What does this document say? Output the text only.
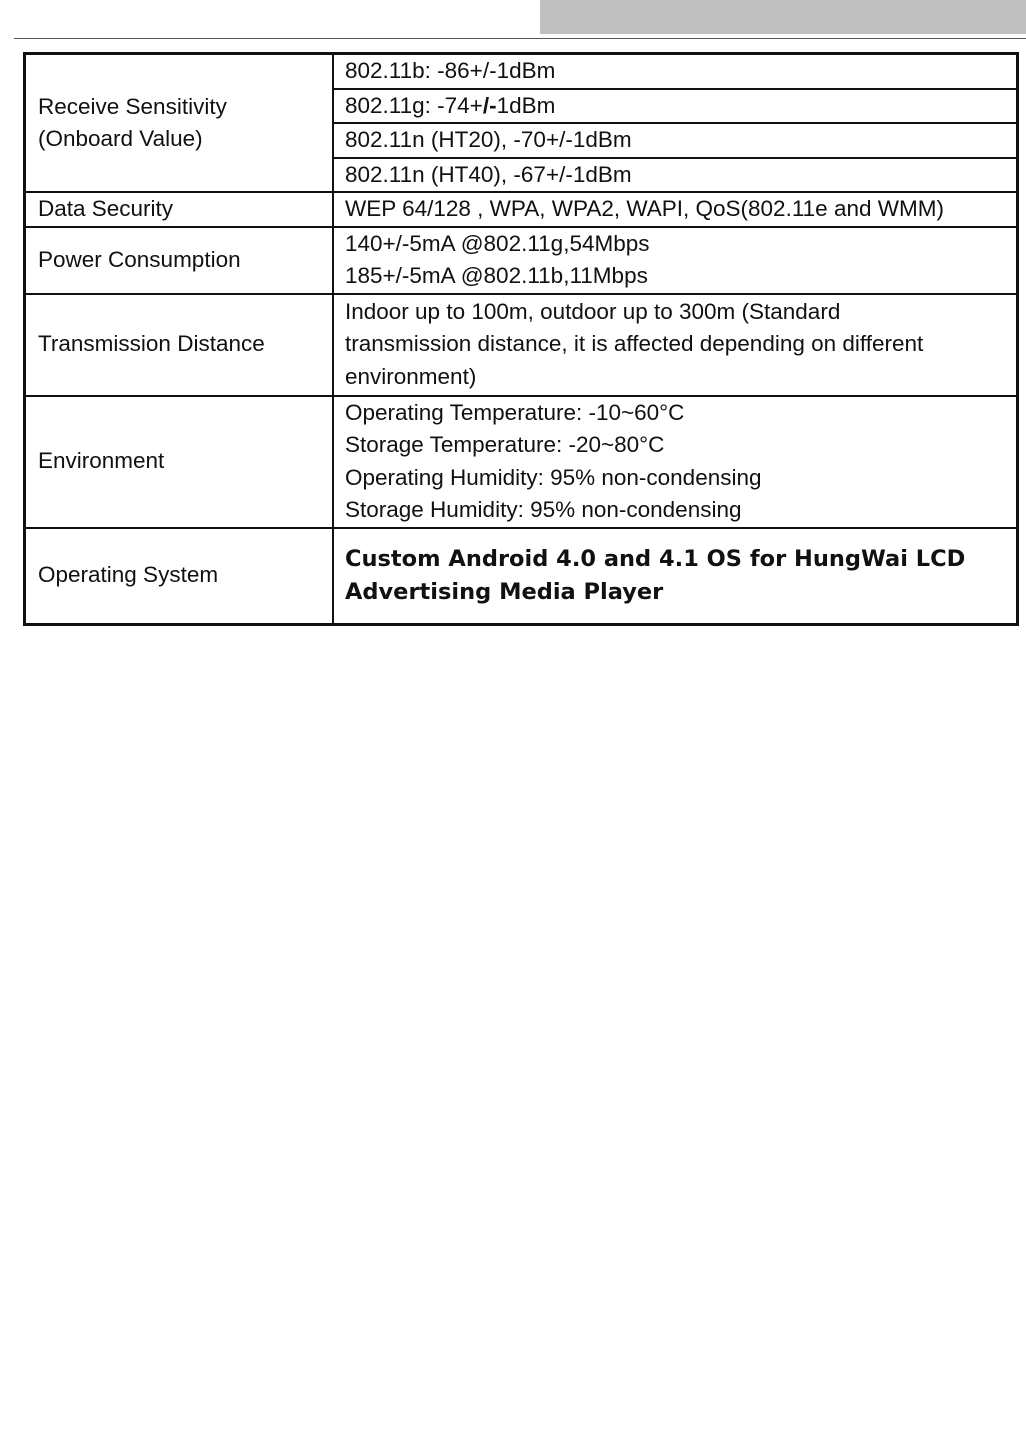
Receive Sensitivity
(Onboard Value)	802.11b: -86+/-1dBm
	802.11g: -74+/-1dBm
	802.11n (HT20), -70+/-1dBm
	802.11n (HT40), -67+/-1dBm
Data Security	WEP 64/128 , WPA, WPA2, WAPI, QoS(802.11e and WMM)
Power Consumption	140+/-5mA @802.11g,54Mbps
185+/-5mA @802.11b,11Mbps

Transmission Distance	Indoor up to 100m, outdoor up to 300m (Standard
transmission distance, it is affected depending on different
environment)

Environment	Operating Temperature: -10~60°C
Storage Temperature: -20~80°C
Operating Humidity: 95% non-condensing
Storage Humidity: 95% non-condensing

Operating System	Custom Android 4.0 and 4.1 OS for HungWai LCD
Advertising Media Player
